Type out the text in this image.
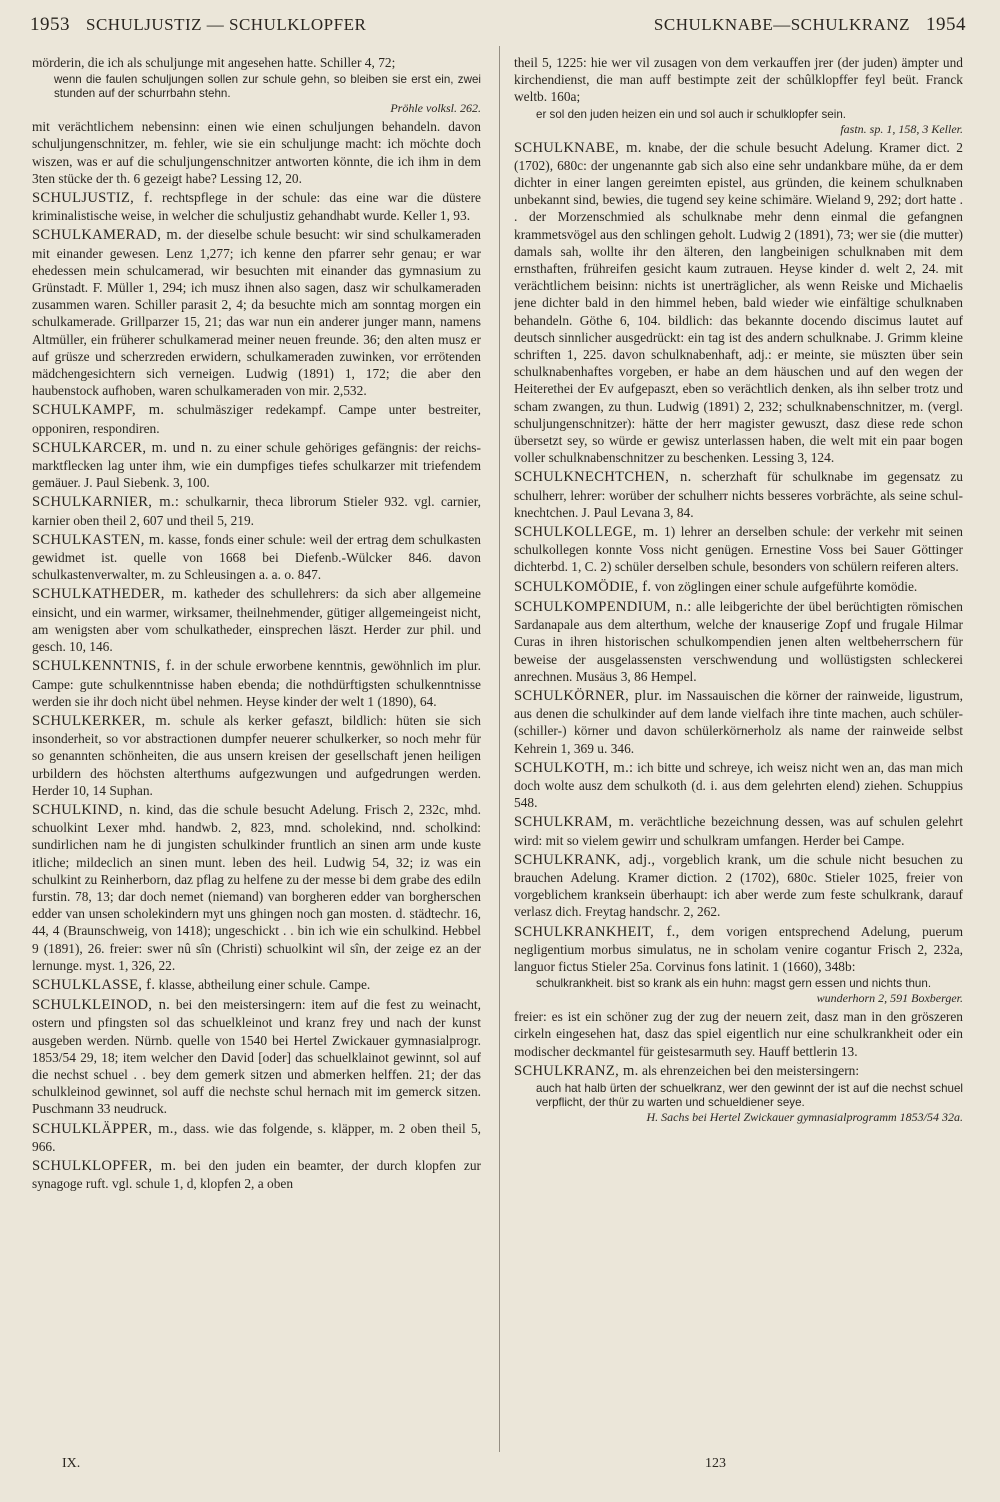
1953 SCHULJUSTIZ — SCHULKLOPFER	SCHULKNABE—SCHULKRANZ 1954

mörderin, die ich als schuljunge mit angesehen hatte. Schiller 4, 72;

wenn die faulen schuljungen sollen zur schule gehn, so bleiben sie erst ein, zwei stunden auf der schurrbahn stehn.
Pröhle volksl. 262.

mit verächtlichem nebensinn: einen wie einen schuljungen behandeln. davon schuljungenschnitzer, m. fehler, wie sie ein schuljunge macht: ich möchte doch wiszen, was er auf die schuljungenschnitzer antworten könnte, die ich ihm in dem 3ten stücke der th. 6 gezeigt habe? Lessing 12, 20.

SCHULJUSTIZ, f. rechtspflege in der schule: das eine war die düstere kriminalistische weise, in welcher die schuljustiz gehandhabt wurde. Keller 1, 93.

SCHULKAMERAD, m. der dieselbe schule besucht: wir sind schulkameraden mit einander gewesen. Lenz 1,277; ich kenne den pfarrer sehr genau; er war ehedessen mein schulcamerad, wir besuchten mit einander das gymnasium zu Grünstadt. F. Müller 1, 294; ich musz ihnen also sagen, dasz wir schulkameraden zusammen waren. Schiller parasit 2, 4; da besuchte mich am sonntag morgen ein schulkamerade. Grillparzer 15, 21; das war nun ein anderer junger mann, namens Altmüller, ein früherer schulkamerad meiner neuen freunde. 36; den alten musz er auf grüsze und scherzreden erwidern, schulkameraden zuwinken, vor errötenden mädchengesichtern sich verneigen. Ludwig (1891) 1, 172; die aber den haubenstock aufhoben, waren schulkameraden von mir. 2,532.

SCHULKAMPF, m. schulmäsziger redekampf. Campe unter bestreiter, opponiren, respondiren.

SCHULKARCER, m. und n. zu einer schule gehöriges gefängnis: der reichs-marktflecken lag unter ihm, wie ein dumpfiges tiefes schulkarzer mit triefendem gemäuer. J. Paul Siebenk. 3, 100.

SCHULKARNIER, m.: schulkarnir, theca librorum Stieler 932. vgl. carnier, karnier oben theil 2, 607 und theil 5, 219.

SCHULKASTEN, m. kasse, fonds einer schule: weil der ertrag dem schulkasten gewidmet ist. quelle von 1668 bei Diefenb.-Wülcker 846. davon schulkastenverwalter, m. zu Schleusingen a. a. o. 847.

SCHULKATHEDER, m. katheder des schullehrers: da sich aber allgemeine einsicht, und ein warmer, wirksamer, theilnehmender, gütiger allgemeingeist nicht, am wenigsten aber vom schulkatheder, einsprechen läszt. Herder zur phil. und gesch. 10, 146.

SCHULKENNTNIS, f. in der schule erworbene kenntnis, gewöhnlich im plur. Campe: gute schulkenntnisse haben ebenda; die nothdürftigsten schulkenntnisse werden sie ihr doch nicht übel nehmen. Heyse kinder der welt 1 (1890), 64.

SCHULKERKER, m. schule als kerker gefaszt, bildlich: hüten sie sich insonderheit, so vor abstractionen dumpfer neuerer schulkerker, so noch mehr für so genannten schönheiten, die aus unsern kreisen der gesellschaft jenen heiligen urbildern des höchsten alterthums aufgezwungen und aufgedrungen werden. Herder 10, 14 Suphan.

SCHULKIND, n. kind, das die schule besucht Adelung. Frisch 2, 232c, mhd. schuolkint Lexer mhd. handwb. 2, 823, mnd. scholekind, nnd. scholkind: sundirlichen nam he di jungisten schulkinder fruntlich an sinen arm unde kuste itliche; mildeclich an sinen munt. leben des heil. Ludwig 54, 32; iz was ein schulkint zu Reinherborn, daz pflag zu helfene zu der messe bi dem grabe des ediln furstin. 78, 13; dar doch nemet (niemand) van borgheren edder van borgherschen edder van unsen scholekindern myt uns ghingen noch gan mosten. d. städtechr. 16, 44, 4 (Braunschweig, von 1418); ungeschickt . . bin ich wie ein schulkind. Hebbel 9 (1891), 26. freier: swer nû sîn (Christi) schuolkint wil sîn, der zeige ez an der lernunge. myst. 1, 326, 22.

SCHULKLASSE, f. klasse, abtheilung einer schule. Campe.

SCHULKLEINOD, n. bei den meistersingern: item auf die fest zu weinacht, ostern und pfingsten sol das schuelkleinot und kranz frey und nach der kunst ausgeben werden. Nürnb. quelle von 1540 bei Hertel Zwickauer gymnasialprogr. 1853/54 29, 18; item welcher den David [oder] das schuelklainot gewinnt, sol auf die nechst schuel . . bey dem gemerk sitzen und abmerken helffen. 21; der das schulkleinod gewinnet, sol auff die nechste schul hernach mit im gemerck sitzen. Puschmann 33 neudruck.

SCHULKLÄPPER, m., dass. wie das folgende, s. kläpper, m. 2 oben theil 5, 966.

SCHULKLOPFER, m. bei den juden ein beamter, der durch klopfen zur synagoge ruft. vgl. schule 1, d, klopfen 2, a oben

theil 5, 1225: hie wer vil zusagen von dem verkauffen jrer (der juden) ämpter und kirchendienst, die man auff bestimpte zeit der schûlklopffer feyl beüt. Franck weltb. 160a;

er sol den juden heizen ein und sol auch ir schulklopfer sein.
fastn. sp. 1, 158, 3 Keller.

SCHULKNABE, m. knabe, der die schule besucht Adelung. Kramer dict. 2 (1702), 680c: der ungenannte gab sich also eine sehr undankbare mühe, da er dem dichter in einer langen gereimten epistel, aus gründen, die keinem schulknaben unbekannt sind, bewies, die tugend sey keine schimäre. Wieland 9, 292; dort hatte . . der Morzenschmied als schulknabe mehr denn einmal die gefangnen krammetsvögel aus den schlingen geholt. Ludwig 2 (1891), 73; wer sie (die mutter) damals sah, wollte ihr den älteren, den langbeinigen schulknaben mit dem ernsthaften, frühreifen gesicht kaum zutrauen. Heyse kinder d. welt 2, 24. mit verächtlichem beisinn: nichts ist unerträglicher, als wenn Reiske und Michaelis jene dichter bald in den himmel heben, bald wieder wie einfältige schulknaben behandeln. Göthe 6, 104. bildlich: das bekannte docendo discimus lautet auf deutsch sinnlicher ausgedrückt: ein tag ist des andern schulknabe. J. Grimm kleine schriften 1, 225. davon schulknabenhaft, adj.: er meinte, sie müszten über sein schulknabenhaftes vorgeben, er habe an dem häuschen und auf den wegen der Heiterethei der Ev aufgepaszt, eben so verächtlich denken, als ihn selber trotz und scham zwangen, zu thun. Ludwig (1891) 2, 232; schulknabenschnitzer, m. (vergl. schuljungenschnitzer): hätte der herr magister gewuszt, dasz diese rede schon übersetzt sey, so würde er gewisz unterlassen haben, die welt mit ein paar bogen voller schulknabenschnitzer zu beschenken. Lessing 3, 124.

SCHULKNECHTCHEN, n. scherzhaft für schulknabe im gegensatz zu schulherr, lehrer: worüber der schulherr nichts besseres vorbrächte, als seine schul-knechtchen. J. Paul Levana 3, 84.

SCHULKOLLEGE, m. 1) lehrer an derselben schule: der verkehr mit seinen schulkollegen konnte Voss nicht genügen. Ernestine Voss bei Sauer Göttinger dichterbd. 1, C. 2) schüler derselben schule, besonders von schülern reiferen alters.

SCHULKOMÖDIE, f. von zöglingen einer schule aufgeführte komödie.

SCHULKOMPENDIUM, n.: alle leibgerichte der übel berüchtigten römischen Sardanapale aus dem alterthum, welche der knauserige Zopf und frugale Hilmar Curas in ihren historischen schulkompendien jenen alten weltbeherrschern für beweise der ausgelassensten verschwendung und wollüstigsten schleckerei anrechnen. Musäus 3, 86 Hempel.

SCHULKÖRNER, plur. im Nassauischen die körner der rainweide, ligustrum, aus denen die schulkinder auf dem lande vielfach ihre tinte machen, auch schüler- (schiller-) körner und davon schülerkörnerholz als name der rainweide selbst Kehrein 1, 369 u. 346.

SCHULKOTH, m.: ich bitte und schreye, ich weisz nicht wen an, das man mich doch wolte ausz dem schulkoth (d. i. aus dem gelehrten elend) ziehen. Schuppius 548.

SCHULKRAM, m. verächtliche bezeichnung dessen, was auf schulen gelehrt wird: mit so vielem gewirr und schulkram umfangen. Herder bei Campe.

SCHULKRANK, adj., vorgeblich krank, um die schule nicht besuchen zu brauchen Adelung. Kramer diction. 2 (1702), 680c. Stieler 1025, freier von vorgeblichem kranksein überhaupt: ich aber werde zum feste schulkrank, darauf verlasz dich. Freytag handschr. 2, 262.

SCHULKRANKHEIT, f., dem vorigen entsprechend Adelung, puerum negligentium morbus simulatus, ne in scholam venire cogantur Frisch 2, 232a, languor fictus Stieler 25a. Corvinus fons latinit. 1 (1660), 348b:

schulkrankheit. bist so krank als ein huhn: magst gern essen und nichts thun.
wunderhorn 2, 591 Boxberger.

freier: es ist ein schöner zug der zug der neuern zeit, dasz man in den gröszeren cirkeln eingesehen hat, dasz das spiel eigentlich nur eine schulkrankheit oder ein modischer deckmantel für geistesarmuth sey. Hauff bettlerin 13.

SCHULKRANZ, m. als ehrenzeichen bei den meistersingern:

auch hat halb ürten der schuelkranz, wer den gewinnt der ist auf die nechst schuel verpflicht, der thür zu warten und schueldiener seye.
H. Sachs bei Hertel Zwickauer gymnasialprogramm 1853/54 32a.
IX.	123
